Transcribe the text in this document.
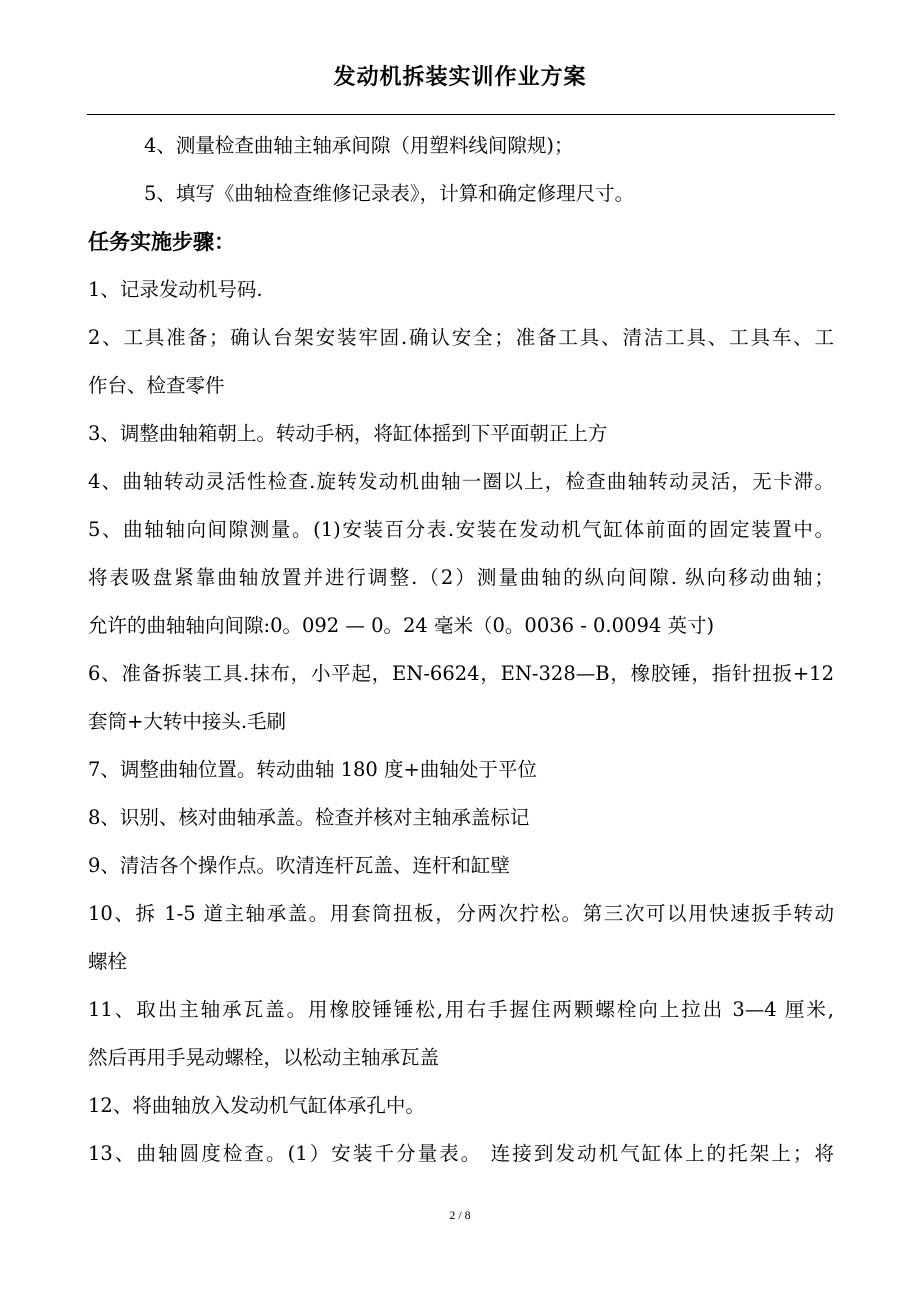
发动机拆装实训作业方案
4、测量检查曲轴主轴承间隙（用塑料线间隙规)；
5、填写《曲轴检查维修记录表》，计算和确定修理尺寸。
任务实施步骤：
1、记录发动机号码.
2、工具准备；确认台架安装牢固.确认安全；准备工具、清洁工具、工具车、工
作台、检查零件
3、调整曲轴箱朝上。转动手柄，将缸体摇到下平面朝正上方
4、曲轴转动灵活性检查.旋转发动机曲轴一圈以上，检查曲轴转动灵活，无卡滞。
5、曲轴轴向间隙测量。(1)安装百分表.安装在发动机气缸体前面的固定装置中。
将表吸盘紧靠曲轴放置并进行调整.（2）测量曲轴的纵向间隙. 纵向移动曲轴；
允许的曲轴轴向间隙:0。092 — 0。24 毫米（0。0036 - 0.0094 英寸)
6、准备拆装工具.抹布，小平起，EN-6624，EN-328—B，橡胶锤，指针扭扳+12
套筒+大转中接头.毛刷
7、调整曲轴位置。转动曲轴 180 度+曲轴处于平位
8、识别、核对曲轴承盖。检查并核对主轴承盖标记
9、清洁各个操作点。吹清连杆瓦盖、连杆和缸壁
10、拆 1-5 道主轴承盖。用套筒扭板，分两次拧松。第三次可以用快速扳手转动
螺栓
11、取出主轴承瓦盖。用橡胶锤锤松,用右手握住两颗螺栓向上拉出 3—4 厘米,
然后再用手晃动螺栓，以松动主轴承瓦盖
12、将曲轴放入发动机气缸体承孔中。
13、曲轴圆度检查。(1）安装千分量表。 连接到发动机气缸体上的托架上；将
2 / 8
